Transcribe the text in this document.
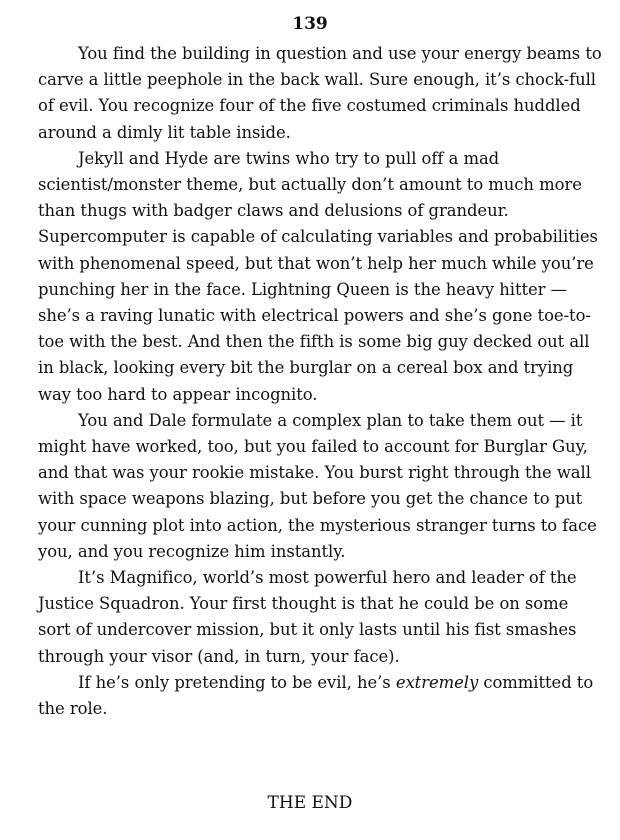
139

You find the building in question and use your energy beams to carve a little peephole in the back wall. Sure enough, it’s chock-full of evil. You recognize four of the five costumed criminals huddled around a dimly lit table inside.

Jekyll and Hyde are twins who try to pull off a mad scientist/monster theme, but actually don’t amount to much more than thugs with badger claws and delusions of grandeur. Supercomputer is capable of calculating variables and probabilities with phenomenal speed, but that won’t help her much while you’re punching her in the face. Lightning Queen is the heavy hitter — she’s a raving lunatic with electrical powers and she’s gone toe-to-toe with the best. And then the fifth is some big guy decked out all in black, looking every bit the burglar on a cereal box and trying way too hard to appear incognito.

You and Dale formulate a complex plan to take them out — it might have worked, too, but you failed to account for Burglar Guy, and that was your rookie mistake. You burst right through the wall with space weapons blazing, but before you get the chance to put your cunning plot into action, the mysterious stranger turns to face you, and you recognize him instantly.

It’s Magnifico, world’s most powerful hero and leader of the Justice Squadron. Your first thought is that he could be on some sort of undercover mission, but it only lasts until his fist smashes through your visor (and, in turn, your face).

If he’s only pretending to be evil, he’s extremely committed to the role.

THE END
